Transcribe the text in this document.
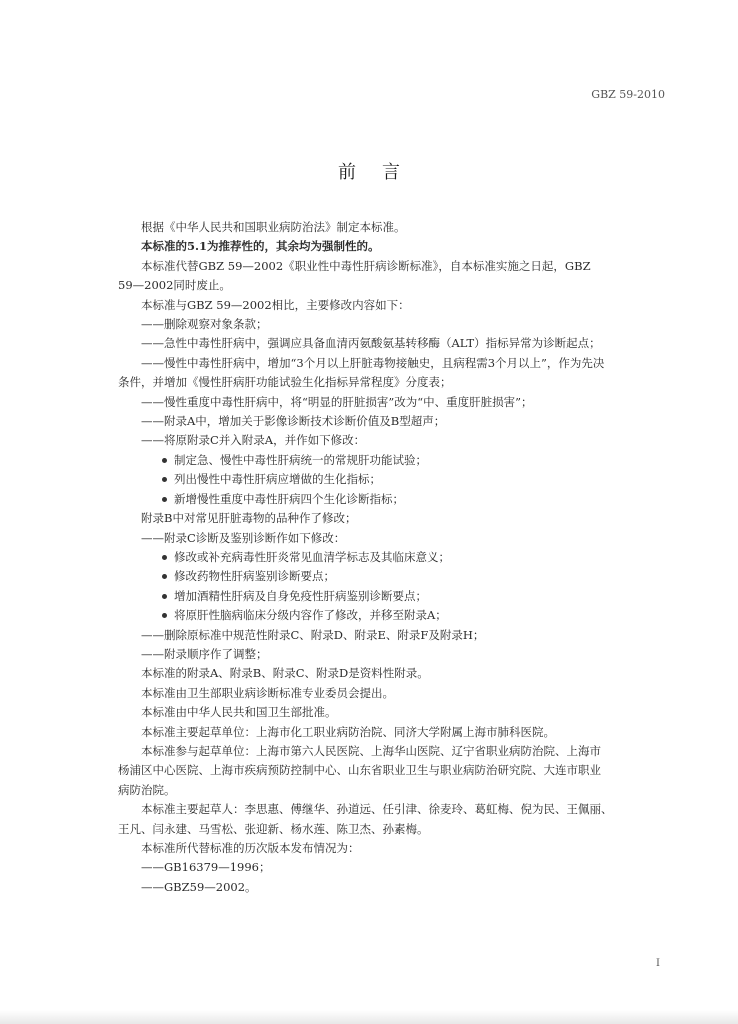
GBZ 59-2010
前言

根据《中华人民共和国职业病防治法》制定本标准。

本标准的5.1为推荐性的，其余均为强制性的。

本标准代替GBZ 59—2002《职业性中毒性肝病诊断标准》，自本标准实施之日起，GBZ

59—2002同时废止。

本标准与GBZ 59—2002相比，主要修改内容如下：

——删除观察对象条款；

——急性中毒性肝病中，强调应具备血清丙氨酸氨基转移酶（ALT）指标异常为诊断起点；

——慢性中毒性肝病中，增加“3个月以上肝脏毒物接触史，且病程需3个月以上”，作为先决

条件，并增加《慢性肝病肝功能试验生化指标异常程度》分度表；

——慢性重度中毒性肝病中，将“明显的肝脏损害”改为“中、重度肝脏损害”；

——附录A中，增加关于影像诊断技术诊断价值及B型超声；

——将原附录C并入附录A，并作如下修改：

制定急、慢性中毒性肝病统一的常规肝功能试验；

列出慢性中毒性肝病应增做的生化指标；

新增慢性重度中毒性肝病四个生化诊断指标；

附录B中对常见肝脏毒物的品种作了修改；

——附录C诊断及鉴别诊断作如下修改：

修改或补充病毒性肝炎常见血清学标志及其临床意义；

修改药物性肝病鉴别诊断要点；

增加酒精性肝病及自身免疫性肝病鉴别诊断要点；

将原肝性脑病临床分级内容作了修改，并移至附录A；

——删除原标准中规范性附录C、附录D、附录E、附录F及附录H；

——附录顺序作了调整；

本标准的附录A、附录B、附录C、附录D是资料性附录。

本标准由卫生部职业病诊断标准专业委员会提出。

本标准由中华人民共和国卫生部批准。

本标准主要起草单位：上海市化工职业病防治院、同济大学附属上海市肺科医院。

本标准参与起草单位：上海市第六人民医院、上海华山医院、辽宁省职业病防治院、上海市

杨浦区中心医院、上海市疾病预防控制中心、山东省职业卫生与职业病防治研究院、大连市职业

病防治院。

本标准主要起草人：李思惠、傅继华、孙道远、任引津、徐麦玲、葛虹梅、倪为民、王佩丽、

王凡、闫永建、马雪松、张迎新、杨水莲、陈卫杰、孙素梅。

本标准所代替标准的历次版本发布情况为：

——GB16379—1996；

——GBZ59—2002。

I
